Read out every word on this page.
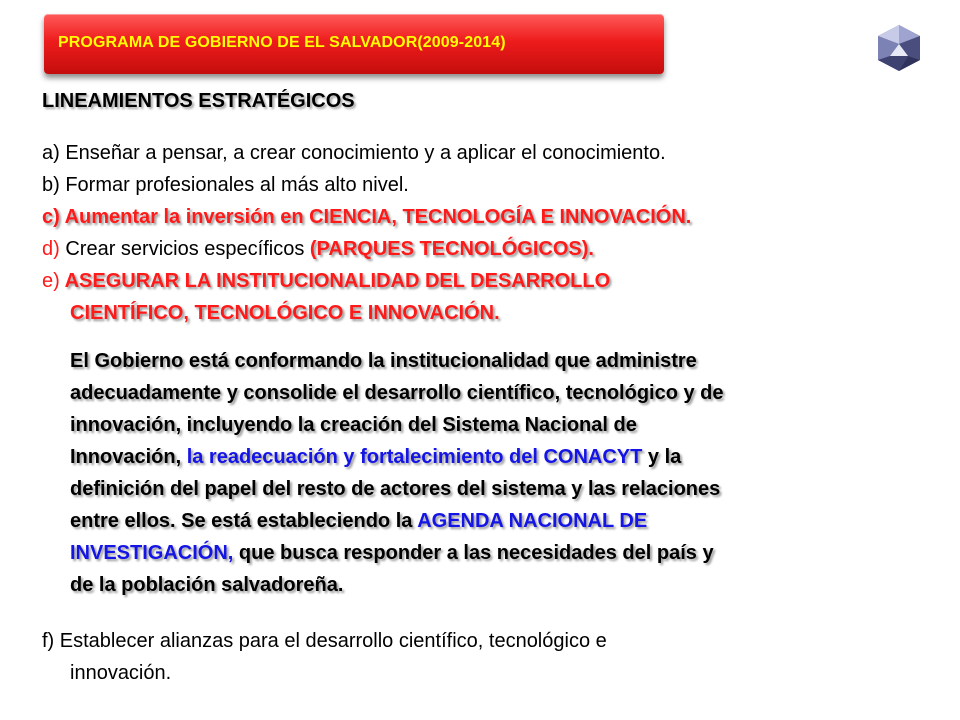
PROGRAMA DE GOBIERNO DE EL SALVADOR(2009-2014)
LINEAMIENTOS ESTRATÉGICOS
a) Enseñar a pensar, a crear conocimiento y a aplicar el conocimiento.
b) Formar profesionales al más alto nivel.
c) Aumentar la inversión en CIENCIA, TECNOLOGÍA E INNOVACIÓN.
d) Crear servicios específicos (PARQUES TECNOLÓGICOS).
e) ASEGURAR LA INSTITUCIONALIDAD DEL DESARROLLO
CIENTÍFICO, TECNOLÓGICO E INNOVACIÓN.
El Gobierno está conformando la institucionalidad que administre
adecuadamente y consolide el desarrollo científico, tecnológico y de
innovación, incluyendo la creación del Sistema Nacional de
Innovación, la readecuación y fortalecimiento del CONACYT y la
definición del papel del resto de actores del sistema y las relaciones
entre ellos. Se está estableciendo la AGENDA NACIONAL DE
INVESTIGACIÓN, que busca responder a las necesidades del país y
de la población salvadoreña.
f) Establecer alianzas para el desarrollo científico, tecnológico e
innovación.
